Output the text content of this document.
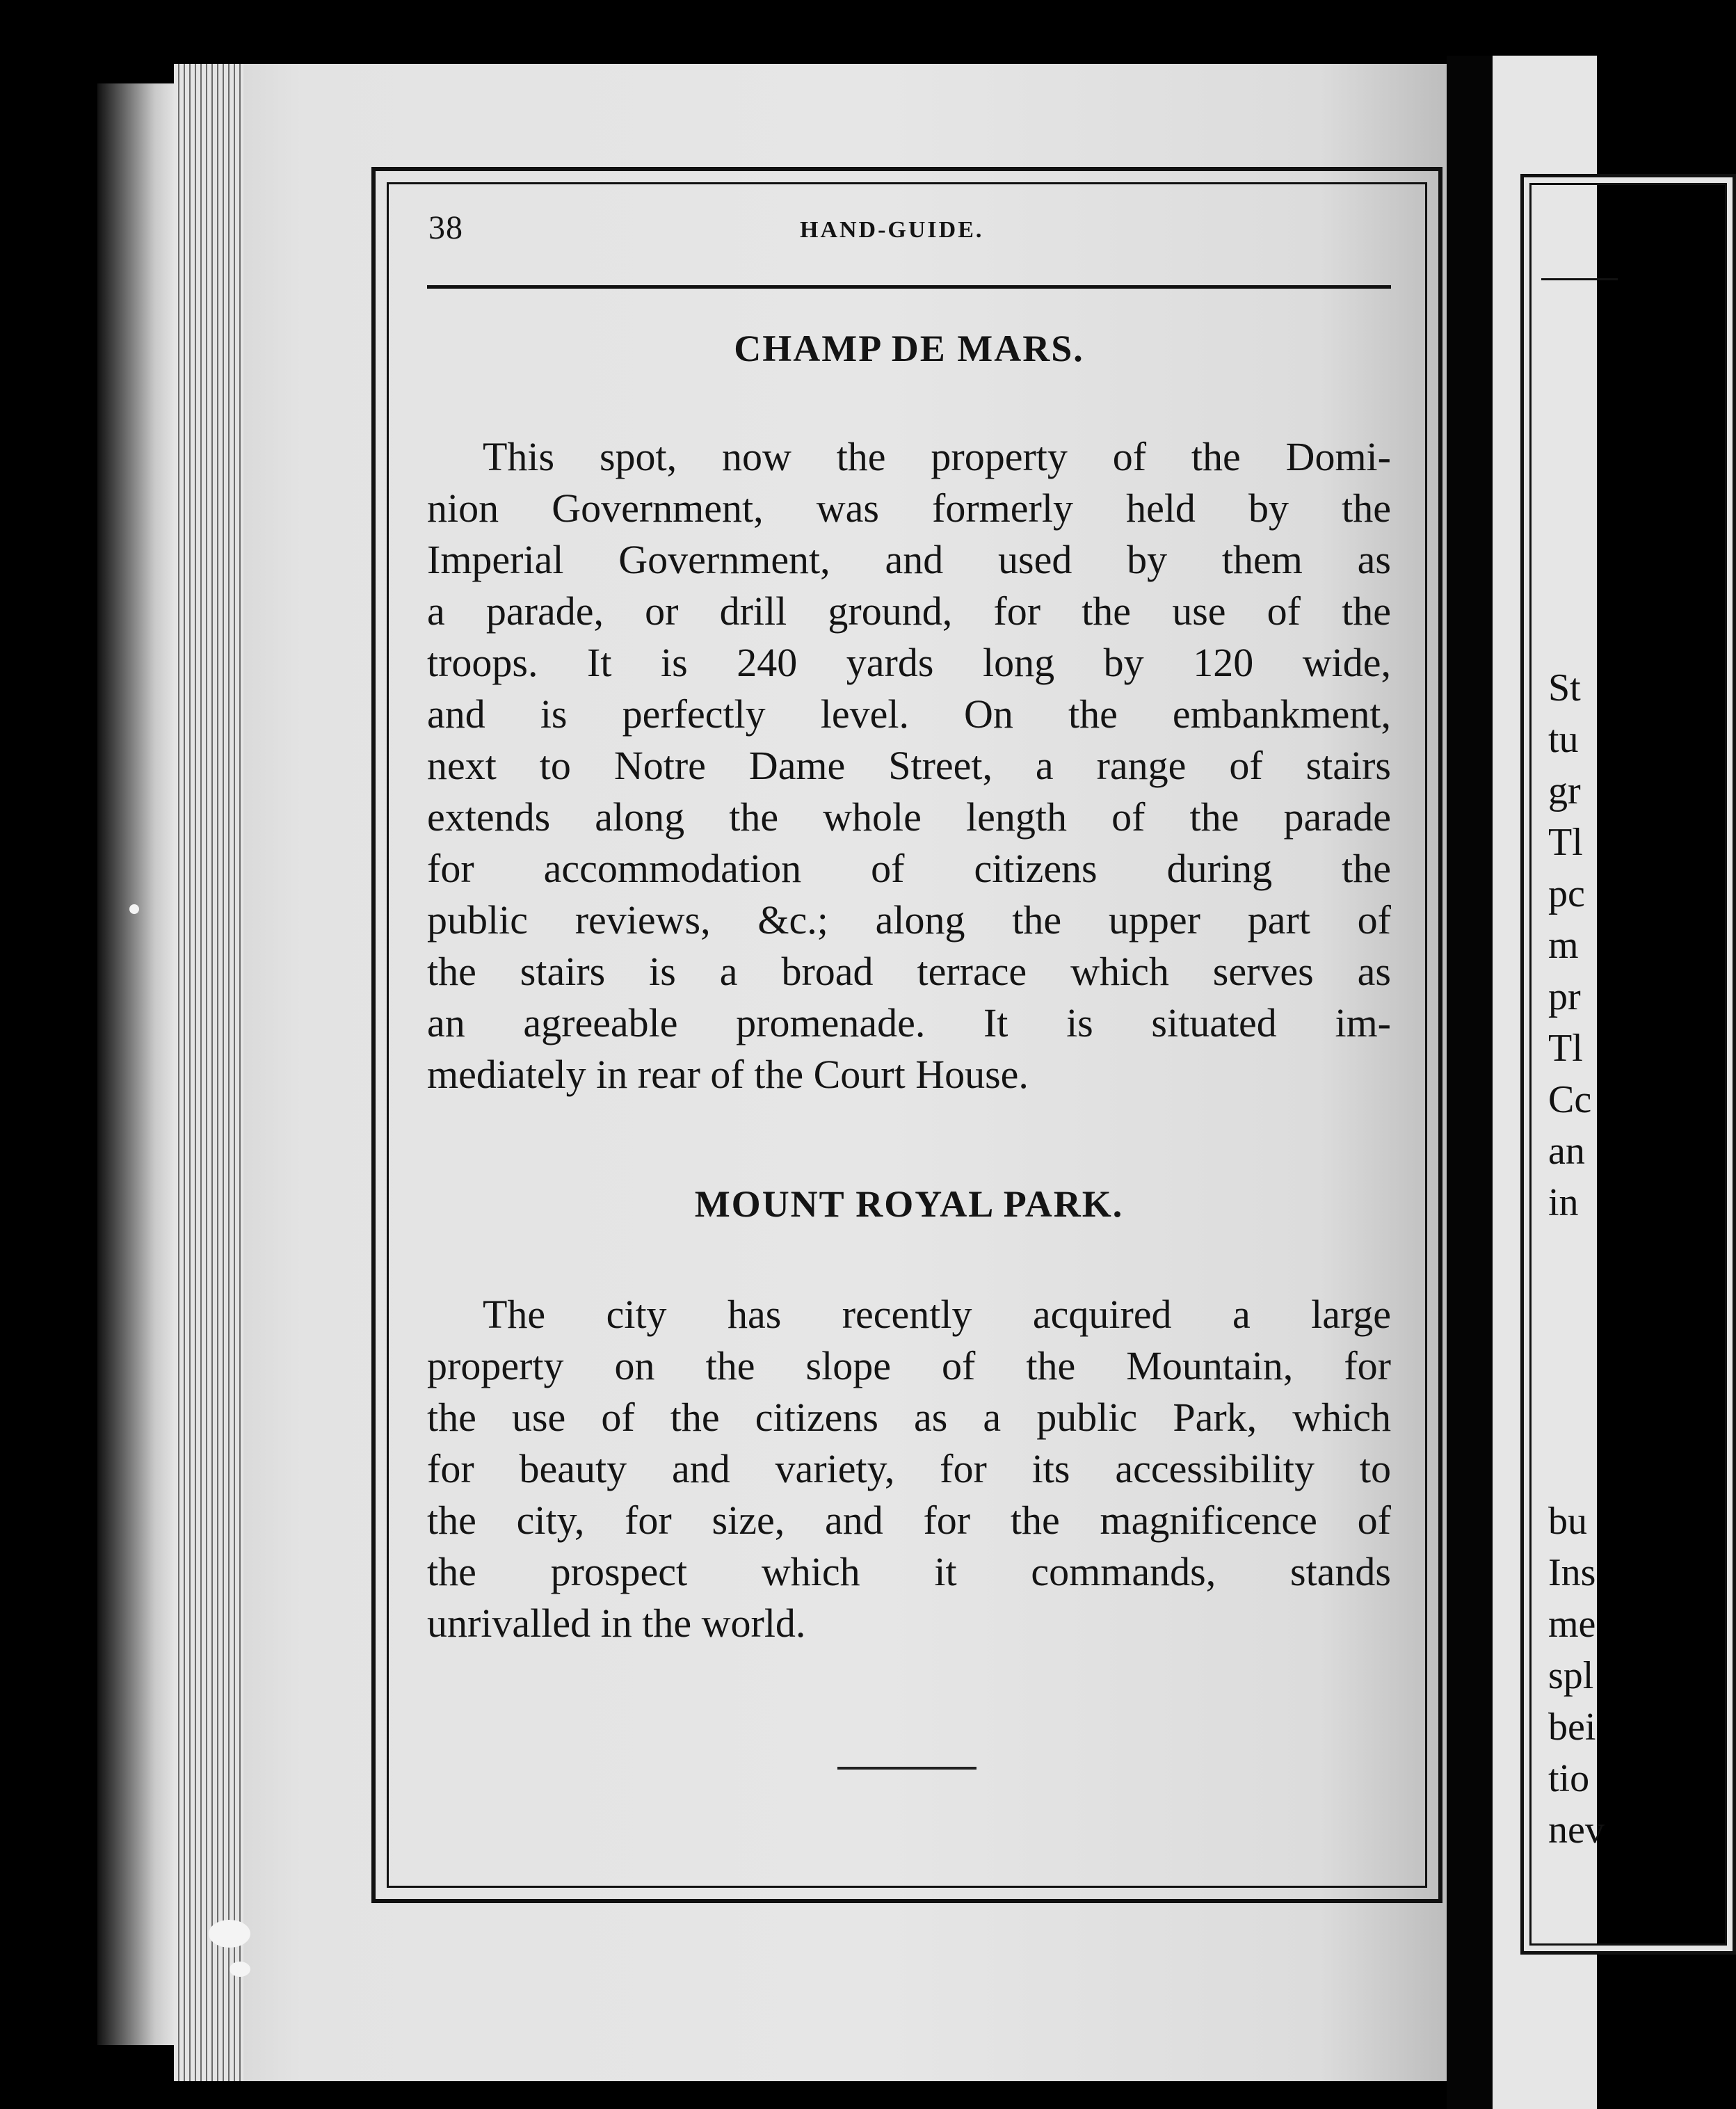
St
tu
gr
Tl
pc
m
pr
Tl
Cc
an
in
bu
Ins
me
spl
bei
tio
nev
38	HAND-GUIDE.
CHAMP DE MARS.
This spot, now the property of the Domi-
nion Government, was formerly held by the
Imperial Government, and used by them as
a parade, or drill ground, for the use of the
troops. It is 240 yards long by 120 wide,
and is perfectly level. On the embankment,
next to Notre Dame Street, a range of stairs
extends along the whole length of the parade
for accommodation of citizens during the
public reviews, &c.; along the upper part of
the stairs is a broad terrace which serves as
an agreeable promenade. It is situated im-
mediately in rear of the Court House.
MOUNT ROYAL PARK.
The city has recently acquired a large
property on the slope of the Mountain, for
the use of the citizens as a public Park, which
for beauty and variety, for its accessibility to
the city, for size, and for the magnificence of
the prospect which it commands, stands
unrivalled in the world.
